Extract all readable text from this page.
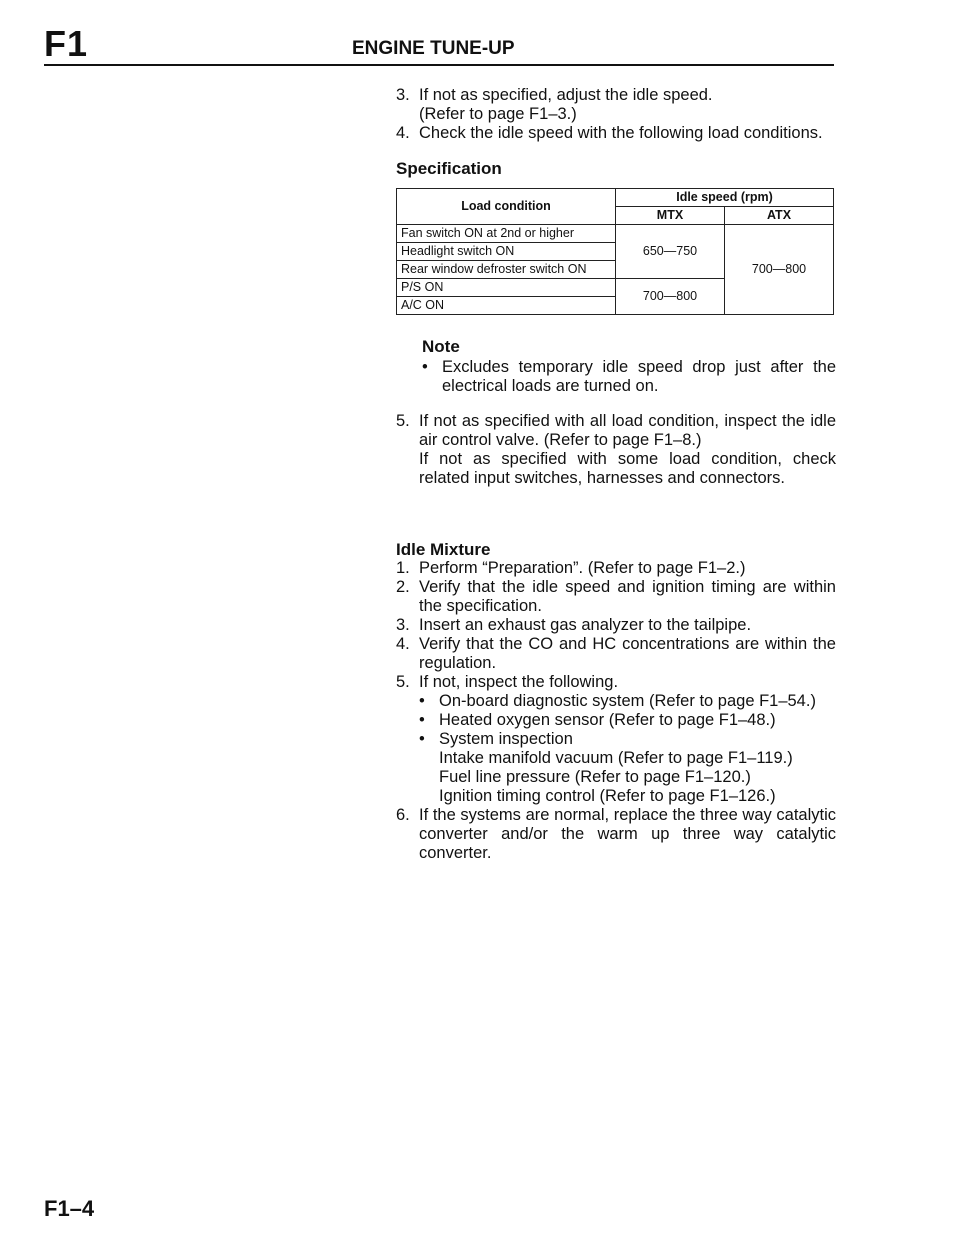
F1	ENGINE TUNE-UP
3. If not as specified, adjust the idle speed.
(Refer to page F1–3.)
4. Check the idle speed with the following load conditions.
Specification
Load condition	Idle speed (rpm)	
	MTX	ATX
Fan switch ON at 2nd or higher	650—750	700—800
Headlight switch ON		
Rear window defroster switch ON		
P/S ON	700—800	
A/C ON		
Note
• Excludes temporary idle speed drop just after the electrical loads are turned on.
5. If not as specified with all load condition, inspect the idle air control valve. (Refer to page F1–8.)
If not as specified with some load condition, check related input switches, harnesses and connectors.
Idle Mixture
1. Perform “Preparation”. (Refer to page F1–2.)
2. Verify that the idle speed and ignition timing are within the specification.
3. Insert an exhaust gas analyzer to the tailpipe.
4. Verify that the CO and HC concentrations are within the regulation.
5. If not, inspect the following.
• On-board diagnostic system (Refer to page F1–54.)
• Heated oxygen sensor (Refer to page F1–48.)
• System inspection
Intake manifold vacuum (Refer to page F1–119.)
Fuel line pressure (Refer to page F1–120.)
Ignition timing control (Refer to page F1–126.)
6. If the systems are normal, replace the three way catalytic converter and/or the warm up three way catalytic converter.
F1–4
